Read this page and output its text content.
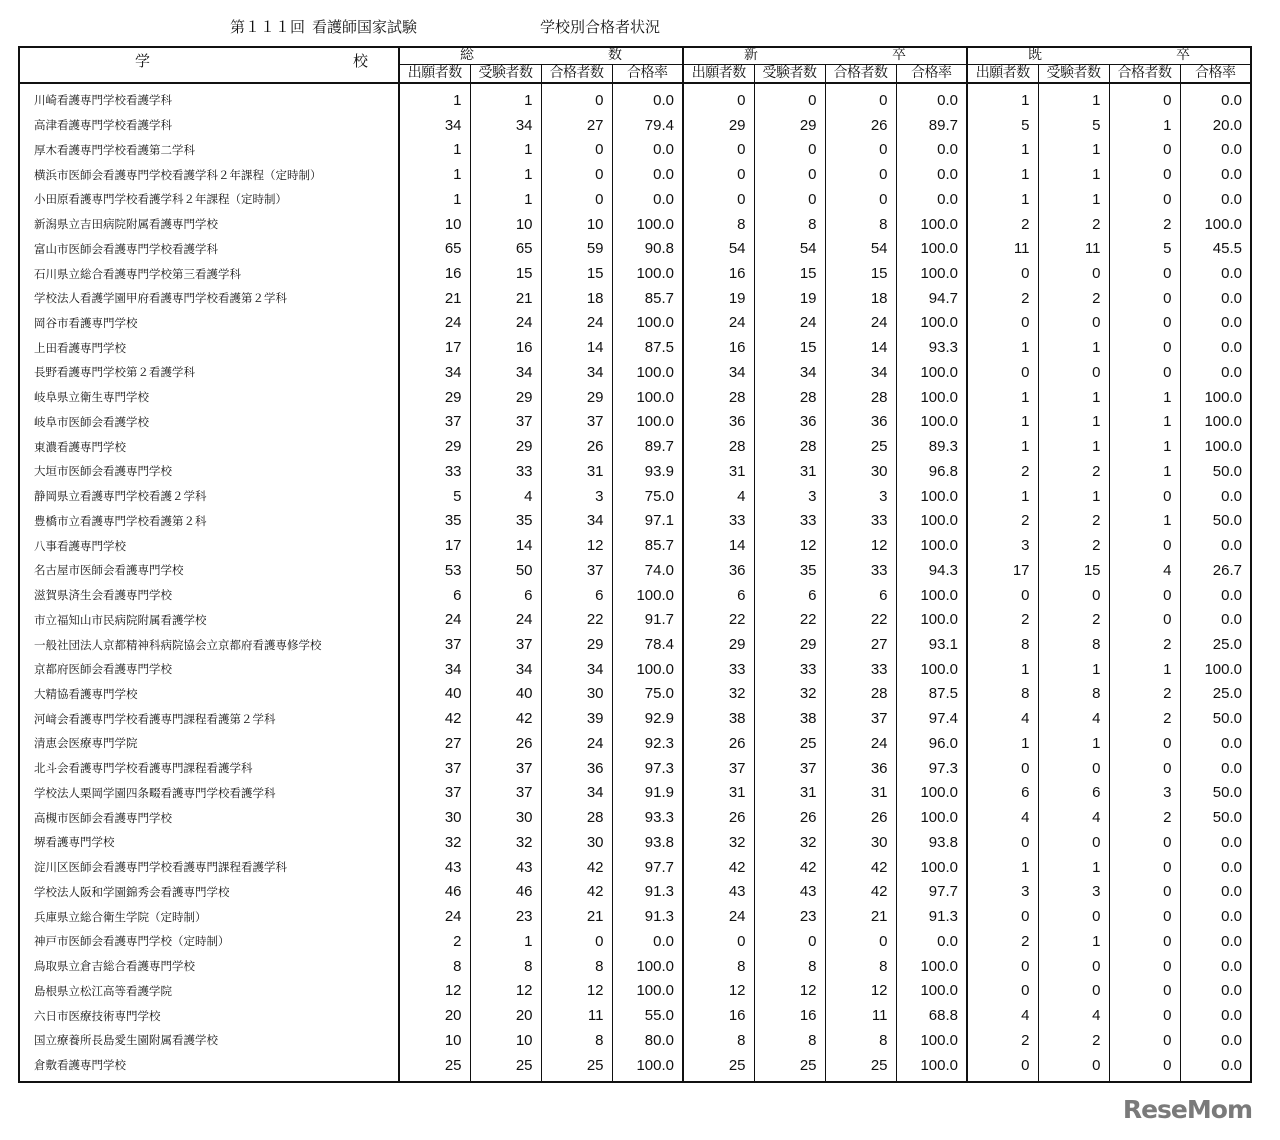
第１１１回 看護師国家試験	学校別合格者状況
学 校	総 数				新 卒				既 卒			

	出願者数	受験者数	合格者数	合格率	出願者数	受験者数	合格者数	合格率	出願者数	受験者数	合格者数	合格率
川崎看護専門学校看護学科	1	1	0	0.0	0	0	0	0.0	1	1	0	0.0
高津看護専門学校看護学科	34	34	27	79.4	29	29	26	89.7	5	5	1	20.0
厚木看護専門学校看護第二学科	1	1	0	0.0	0	0	0	0.0	1	1	0	0.0
横浜市医師会看護専門学校看護学科２年課程（定時制）	1	1	0	0.0	0	0	0	0.0	1	1	0	0.0
小田原看護専門学校看護学科２年課程（定時制）	1	1	0	0.0	0	0	0	0.0	1	1	0	0.0
新潟県立吉田病院附属看護専門学校	10	10	10	100.0	8	8	8	100.0	2	2	2	100.0
富山市医師会看護専門学校看護学科	65	65	59	90.8	54	54	54	100.0	11	11	5	45.5
石川県立総合看護専門学校第三看護学科	16	15	15	100.0	16	15	15	100.0	0	0	0	0.0
学校法人看護学園甲府看護専門学校看護第２学科	21	21	18	85.7	19	19	18	94.7	2	2	0	0.0
岡谷市看護専門学校	24	24	24	100.0	24	24	24	100.0	0	0	0	0.0
上田看護専門学校	17	16	14	87.5	16	15	14	93.3	1	1	0	0.0
長野看護専門学校第２看護学科	34	34	34	100.0	34	34	34	100.0	0	0	0	0.0
岐阜県立衛生専門学校	29	29	29	100.0	28	28	28	100.0	1	1	1	100.0
岐阜市医師会看護学校	37	37	37	100.0	36	36	36	100.0	1	1	1	100.0
東濃看護専門学校	29	29	26	89.7	28	28	25	89.3	1	1	1	100.0
大垣市医師会看護専門学校	33	33	31	93.9	31	31	30	96.8	2	2	1	50.0
静岡県立看護専門学校看護２学科	5	4	3	75.0	4	3	3	100.0	1	1	0	0.0
豊橋市立看護専門学校看護第２科	35	35	34	97.1	33	33	33	100.0	2	2	1	50.0
八事看護専門学校	17	14	12	85.7	14	12	12	100.0	3	2	0	0.0
名古屋市医師会看護専門学校	53	50	37	74.0	36	35	33	94.3	17	15	4	26.7
滋賀県済生会看護専門学校	6	6	6	100.0	6	6	6	100.0	0	0	0	0.0
市立福知山市民病院附属看護学校	24	24	22	91.7	22	22	22	100.0	2	2	0	0.0
一般社団法人京都精神科病院協会立京都府看護専修学校	37	37	29	78.4	29	29	27	93.1	8	8	2	25.0
京都府医師会看護専門学校	34	34	34	100.0	33	33	33	100.0	1	1	1	100.0
大精協看護専門学校	40	40	30	75.0	32	32	28	87.5	8	8	2	25.0
河﨑会看護専門学校看護専門課程看護第２学科	42	42	39	92.9	38	38	37	97.4	4	4	2	50.0
清恵会医療専門学院	27	26	24	92.3	26	25	24	96.0	1	1	0	0.0
北斗会看護専門学校看護専門課程看護学科	37	37	36	97.3	37	37	36	97.3	0	0	0	0.0
学校法人栗岡学園四条畷看護専門学校看護学科	37	37	34	91.9	31	31	31	100.0	6	6	3	50.0
高槻市医師会看護専門学校	30	30	28	93.3	26	26	26	100.0	4	4	2	50.0
堺看護専門学校	32	32	30	93.8	32	32	30	93.8	0	0	0	0.0
淀川区医師会看護専門学校看護専門課程看護学科	43	43	42	97.7	42	42	42	100.0	1	1	0	0.0
学校法人阪和学園錦秀会看護専門学校	46	46	42	91.3	43	43	42	97.7	3	3	0	0.0
兵庫県立総合衛生学院（定時制）	24	23	21	91.3	24	23	21	91.3	0	0	0	0.0
神戸市医師会看護専門学校（定時制）	2	1	0	0.0	0	0	0	0.0	2	1	0	0.0
鳥取県立倉吉総合看護専門学校	8	8	8	100.0	8	8	8	100.0	0	0	0	0.0
島根県立松江高等看護学院	12	12	12	100.0	12	12	12	100.0	0	0	0	0.0
六日市医療技術専門学校	20	20	11	55.0	16	16	11	68.8	4	4	0	0.0
国立療養所長島愛生園附属看護学校	10	10	8	80.0	8	8	8	100.0	2	2	0	0.0
倉敷看護専門学校	25	25	25	100.0	25	25	25	100.0	0	0	0	0.0
ReseMom
